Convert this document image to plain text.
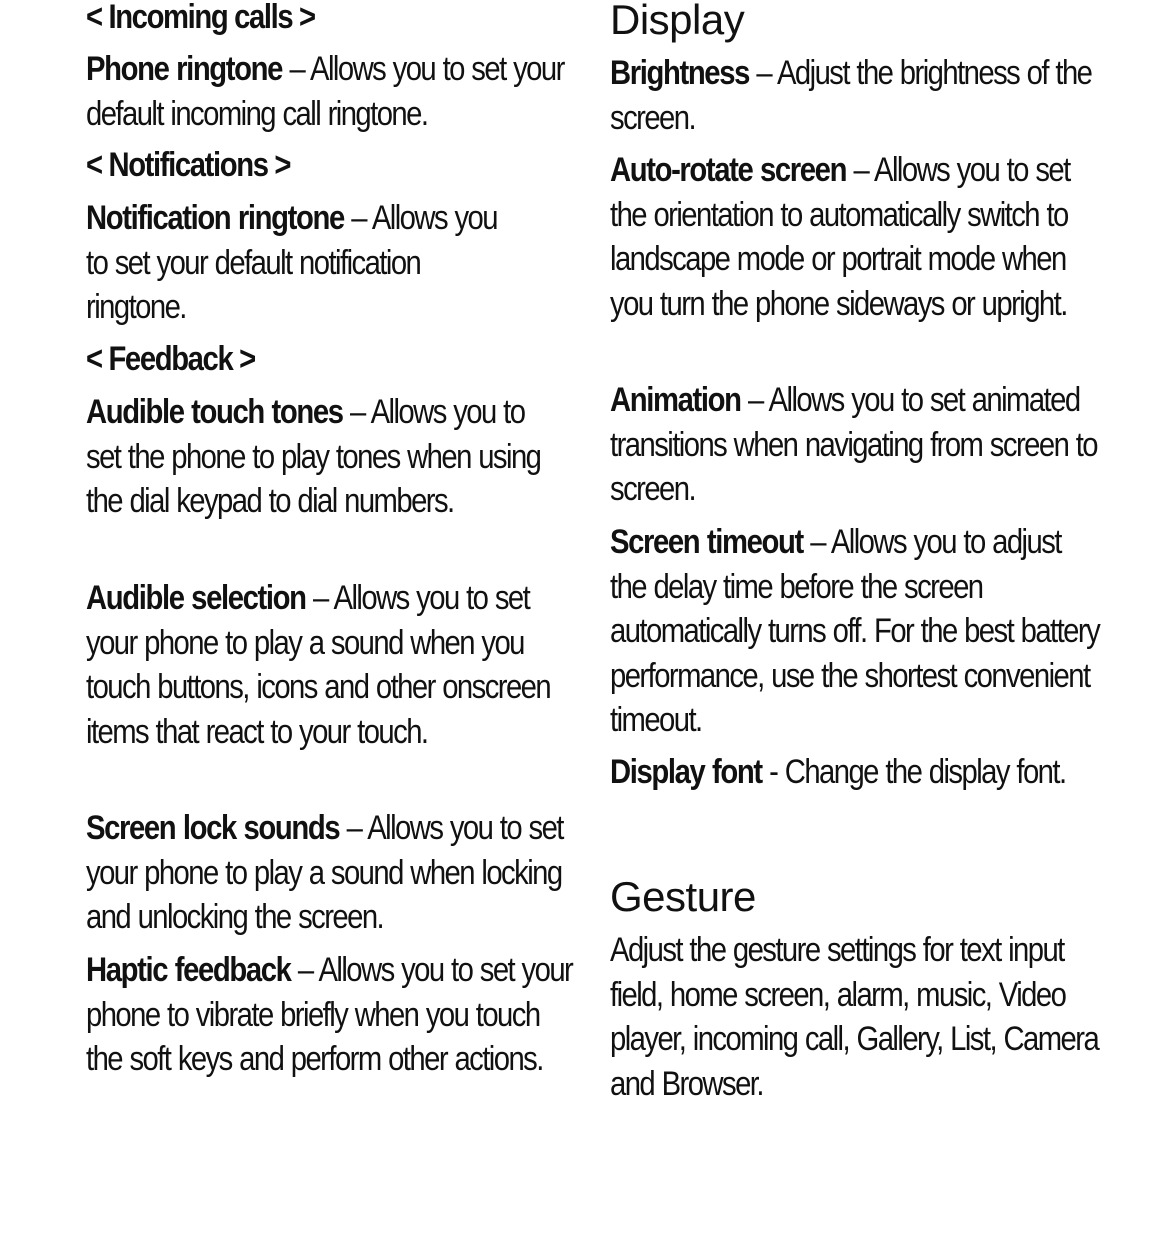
< Incoming calls >

Phone ringtone – Allows you to set your default incoming call ringtone.

< Notifications >

Notification ringtone – Allows you to set your default notification ringtone.

< Feedback >

Audible touch tones – Allows you to set the phone to play tones when using the dial keypad to dial numbers.

Audible selection – Allows you to set your phone to play a sound when you touch buttons, icons and other onscreen items that react to your touch.

Screen lock sounds – Allows you to set your phone to play a sound when locking and unlocking the screen.

Haptic feedback – Allows you to set your phone to vibrate briefly when you touch the soft keys and perform other actions.

Display

Brightness – Adjust the brightness of the screen.

Auto-rotate screen – Allows you to set the orientation to automatically switch to landscape mode or portrait mode when you turn the phone sideways or upright.

Animation – Allows you to set animated transitions when navigating from screen to screen.

Screen timeout – Allows you to adjust the delay time before the screen automatically turns off. For the best battery performance, use the shortest convenient timeout.

Display font - Change the display font.

Gesture

Adjust the gesture settings for text input field, home screen, alarm, music, Video player, incoming call, Gallery, List, Camera and Browser.
